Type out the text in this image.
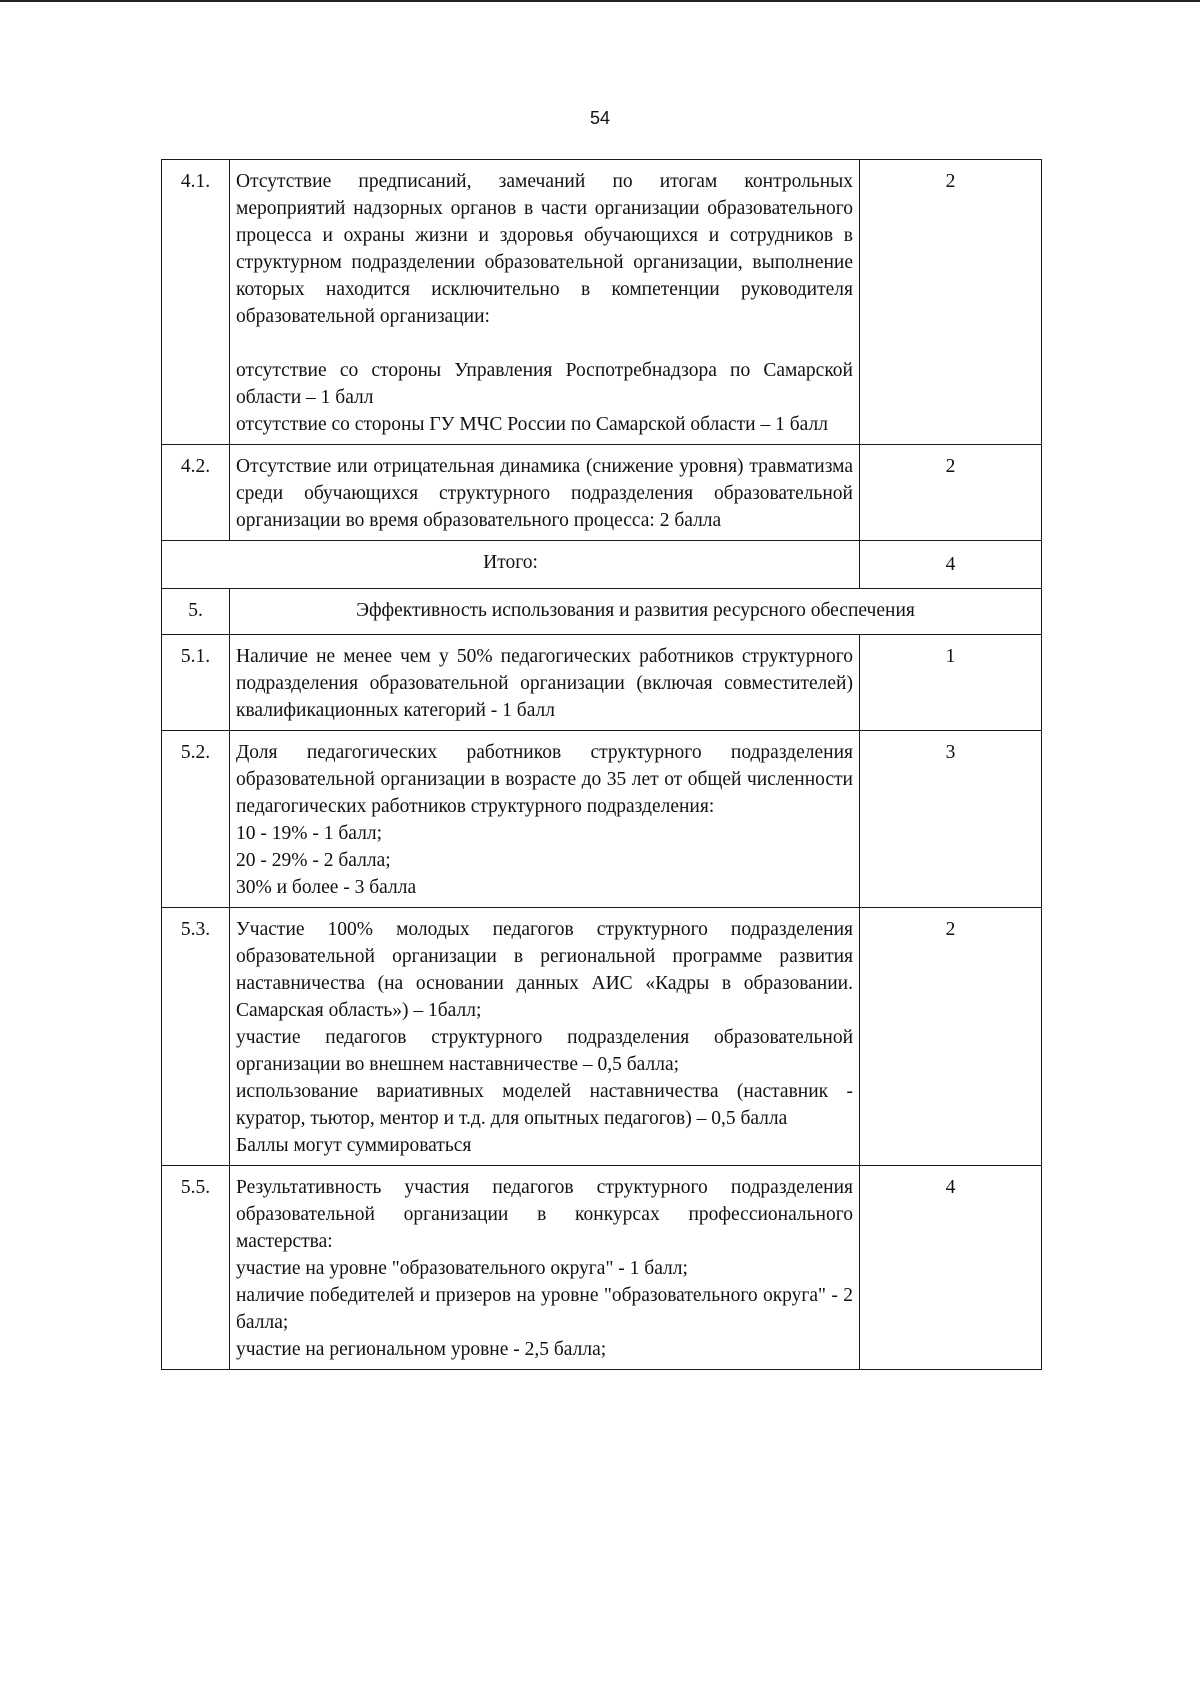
54
4.1.	Отсутствие предписаний, замечаний по итогам контрольных мероприятий надзорных органов в части организации образовательного процесса и охраны жизни и здоровья обучающихся и сотрудников в структурном подразделении образовательной организации, выполнение которых находится исключительно в компетенции руководителя образовательной организации:
отсутствие со стороны Управления Роспотребнадзора по Самарской области – 1 балл
отсутствие со стороны ГУ МЧС России по Самарской области – 1 балл	2
4.2.	Отсутствие или отрицательная динамика (снижение уровня) травматизма среди обучающихся структурного подразделения образовательной организации во время образовательного процесса: 2 балла	2
Итого:		4
5.	Эффективность использования и развития ресурсного обеспечения	
5.1.	Наличие не менее чем у 50% педагогических работников структурного подразделения образовательной организации (включая совместителей) квалификационных категорий - 1 балл	1
5.2.	Доля педагогических работников структурного подразделения образовательной организации в возрасте до 35 лет от общей численности педагогических работников структурного подразделения:
10 - 19% - 1 балл;
20 - 29% - 2 балла;
30% и более - 3 балла	3
5.3.	Участие 100% молодых педагогов структурного подразделения образовательной организации в региональной программе развития наставничества (на основании данных АИС «Кадры в образовании. Самарская область») – 1балл;
участие педагогов структурного подразделения образовательной организации во внешнем наставничестве – 0,5 балла;
использование вариативных моделей наставничества (наставник - куратор, тьютор, ментор и т.д. для опытных педагогов) – 0,5 балла
Баллы могут суммироваться	2
5.5.	Результативность участия педагогов структурного подразделения образовательной организации в конкурсах профессионального мастерства:
участие на уровне "образовательного округа" - 1 балл;
наличие победителей и призеров на уровне "образовательного округа" - 2 балла;
участие на региональном уровне - 2,5 балла;	4
